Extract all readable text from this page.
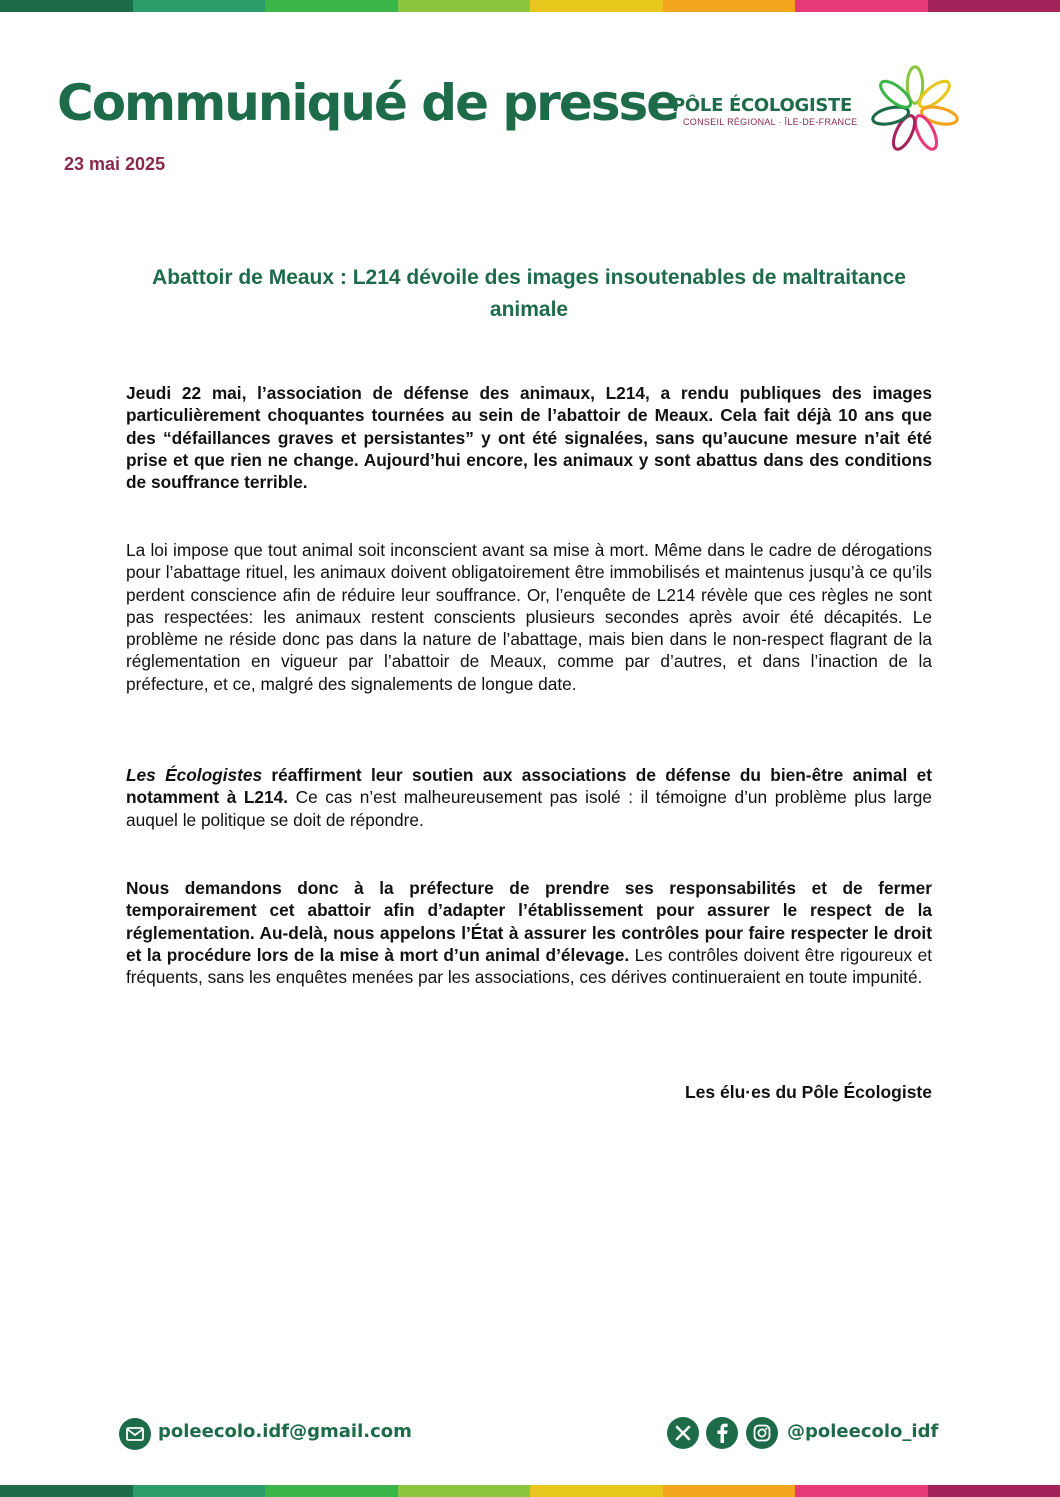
Communiqué de presse
23 mai 2025
PÔLE ÉCOLOGISTE
CONSEIL RÉGIONAL · ÎLE-DE-FRANCE
Abattoir de Meaux : L214 dévoile des images insoutenables de maltraitance animale

Jeudi 22 mai, l’association de défense des animaux, L214, a rendu publiques des images particulièrement choquantes tournées au sein de l’abattoir de Meaux. Cela fait déjà 10 ans que des “défaillances graves et persistantes” y ont été signalées, sans qu’aucune mesure n’ait été prise et que rien ne change. Aujourd’hui encore, les animaux y sont abattus dans des conditions de souffrance terrible.

La loi impose que tout animal soit inconscient avant sa mise à mort. Même dans le cadre de dérogations pour l’abattage rituel, les animaux doivent obligatoirement être immobilisés et maintenus jusqu’à ce qu’ils perdent conscience afin de réduire leur souffrance. Or, l’enquête de L214 révèle que ces règles ne sont pas respectées: les animaux restent conscients plusieurs secondes après avoir été décapités. Le problème ne réside donc pas dans la nature de l’abattage, mais bien dans le non-respect flagrant de la réglementation en vigueur par l’abattoir de Meaux, comme par d’autres, et dans l’inaction de la préfecture, et ce, malgré des signalements de longue date.

Les Écologistes réaffirment leur soutien aux associations de défense du bien-être animal et notamment à L214. Ce cas n’est malheureusement pas isolé : il témoigne d’un problème plus large auquel le politique se doit de répondre.

Nous demandons donc à la préfecture de prendre ses responsabilités et de fermer temporairement cet abattoir afin d’adapter l’établissement pour assurer le respect de la réglementation. Au-delà, nous appelons l’État à assurer les contrôles pour faire respecter le droit et la procédure lors de la mise à mort d’un animal d’élevage. Les contrôles doivent être rigoureux et fréquents, sans les enquêtes menées par les associations, ces dérives continueraient en toute impunité.

Les élu·es du Pôle Écologiste
poleecolo.idf@gmail.com	@poleecolo_idf
